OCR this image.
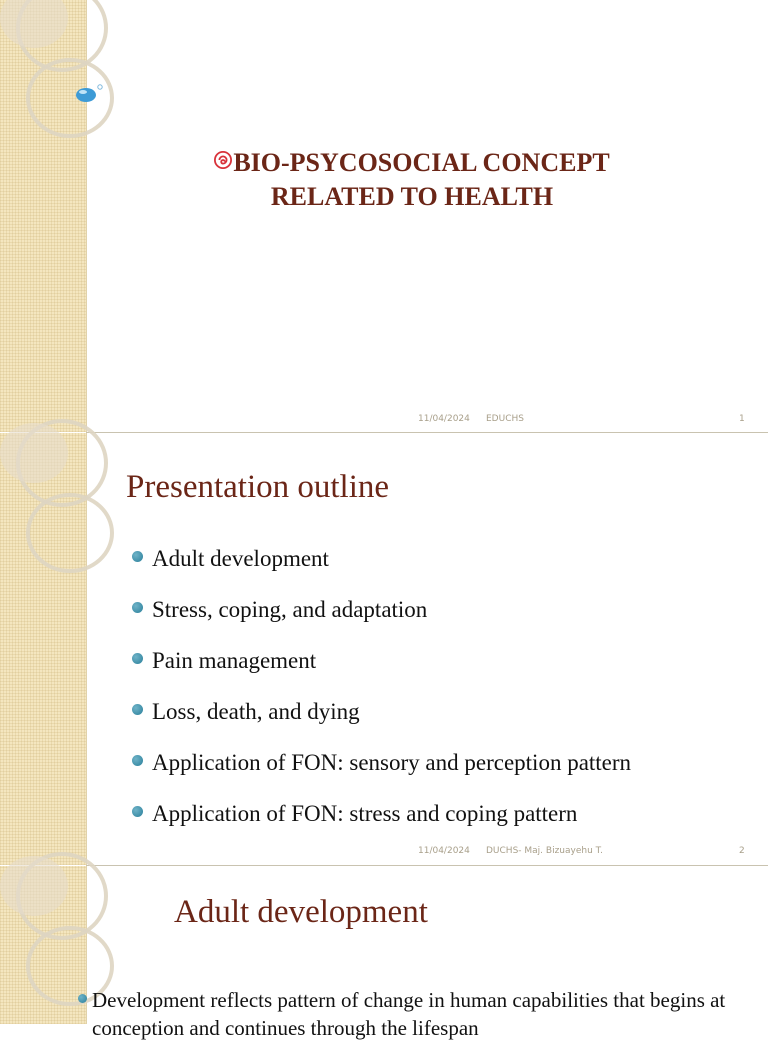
BIO-PSYCOSOCIAL CONCEPT
RELATED TO HEALTH
11/04/2024 EDUCHS	1
Presentation outline
Adult development
Stress, coping, and adaptation
Pain management
Loss, death, and dying
Application of FON: sensory and perception pattern
Application of FON: stress and coping pattern
11/04/2024 DUCHS- Maj. Bizuayehu T.	2
Adult development
Development reflects pattern of change in human capabilities that begins at conception and continues through the lifespan
